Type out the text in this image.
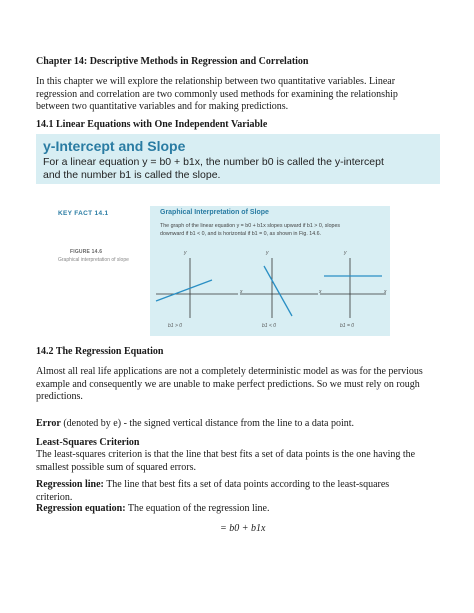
Chapter 14: Descriptive Methods in Regression and Correlation
In this chapter we will explore the relationship between two quantitative variables. Linear
regression and correlation are two commonly used methods for examining the relationship
between two quantitative variables and for making predictions.
14.1 Linear Equations with One Independent Variable
y-Intercept and Slope
For a linear equation y = b0 + b1x, the number b0 is called the y-intercept
and the number b1 is called the slope.
KEY FACT 14.1
FIGURE 14.6
Graphical interpretation of slope
Graphical Interpretation of Slope
The graph of the linear equation y = b0 + b1x slopes upward if b1 > 0, slopes
downward if b1 < 0, and is horizontal if b1 = 0, as shown in Fig. 14.6.
y
x
y
x
y
x
b1 > 0	b1 < 0	b1 = 0
14.2 The Regression Equation
Almost all real life applications are not a completely deterministic model as was for the pervious
example and consequently we are unable to make perfect predictions. So we must rely on rough
predictions.
Error (denoted by e) - the signed vertical distance from the line to a data point.
Least-Squares Criterion
The least-squares criterion is that the line that best fits a set of data points is the one having the
smallest possible sum of squared errors.
Regression line: The line that best fits a set of data points according to the least-squares
criterion.
Regression equation: The equation of the regression line.
= b0 + b1x
